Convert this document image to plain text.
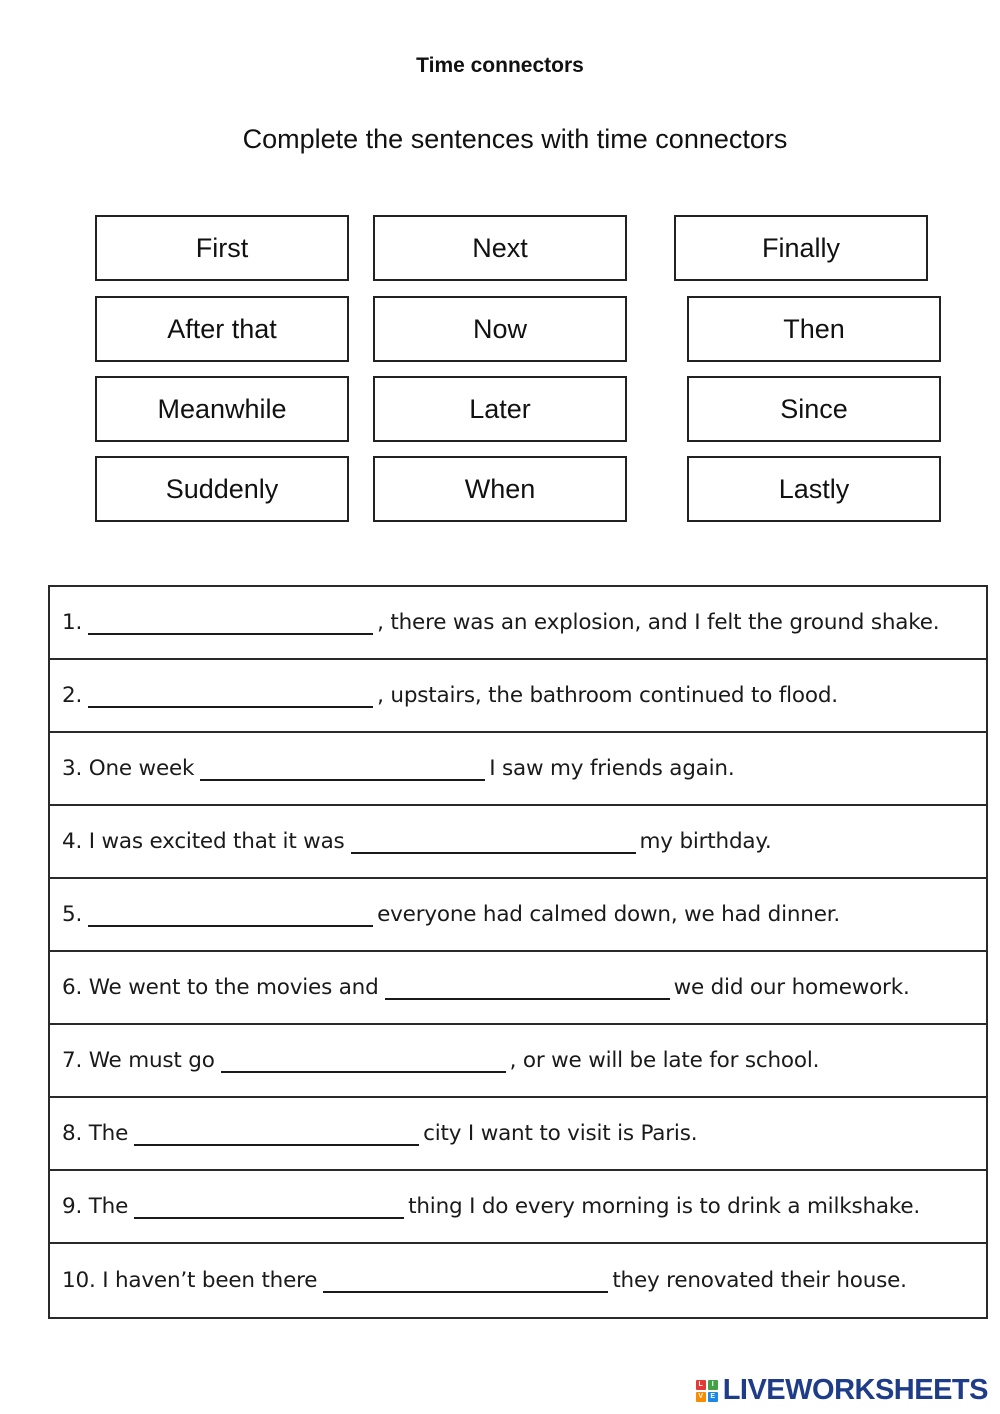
Time connectors
Complete the sentences with time connectors
First	Next	Finally
After that	Now	Then
Meanwhile	Later	Since
Suddenly	When	Lastly
1.	, there was an explosion, and I felt the ground shake.
2.	, upstairs, the bathroom continued to flood.
3. One week	I saw my friends again.
4. I was excited that it was	my birthday.
5.	everyone had calmed down, we had dinner.
6. We went to the movies and	we did our homework.
7. We must go	, or we will be late for school.
8. The	city I want to visit is Paris.
9. The	thing I do every morning is to drink a milkshake.
10. I haven’t been there	they renovated their house.
L	I
V	E LIVEWORKSHEETS
